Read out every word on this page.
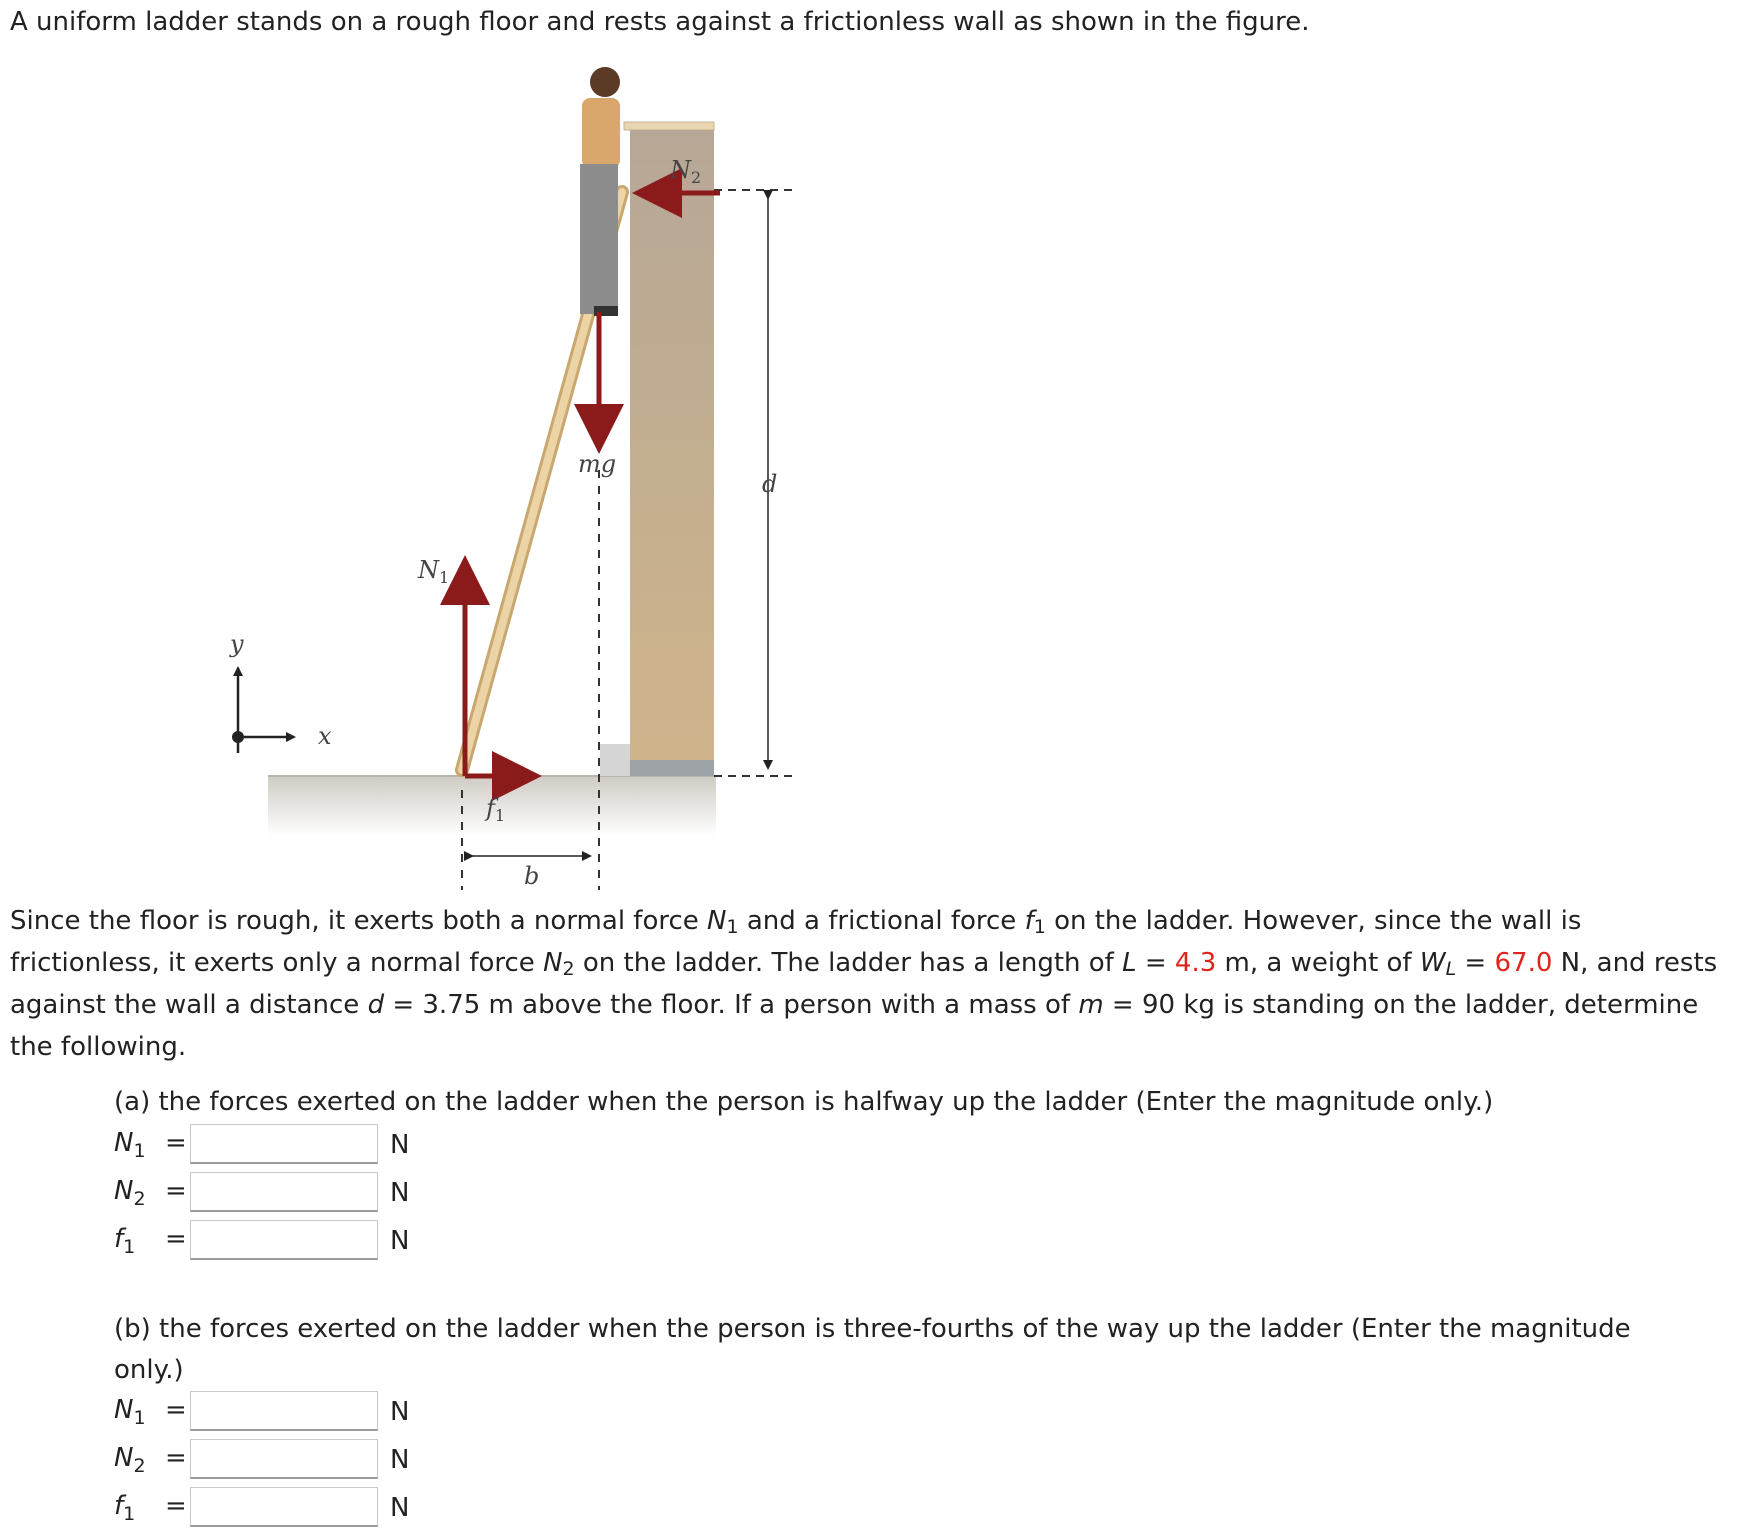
A uniform ladder stands on a rough floor and rests against a frictionless wall as shown in the figure.
d
$N_2$
mg
$N_1$
y
x
$f_1$
b
Since the floor is rough, it exerts both a normal force $N_1$ and a frictional force $f_1$ on the ladder. However, since the wall is frictionless, it exerts only a normal force $N_2$ on the ladder. The ladder has a length of L = 4.3 m, a weight of $W_L = 67.0$ N, and rests against the wall a distance d = 3.75 m above the floor. If a person with a mass of m = 90 kg is standing on the ladder, determine the following.
(a) the forces exerted on the ladder when the person is halfway up the ladder (Enter the magnitude only.)
$N_1$ =	N
$N_2$ =	N
$f_1$ =	N
(b) the forces exerted on the ladder when the person is three-fourths of the way up the ladder (Enter the magnitude only.)
$N_1$ =	N
$N_2$ =	N
$f_1$ =	N
